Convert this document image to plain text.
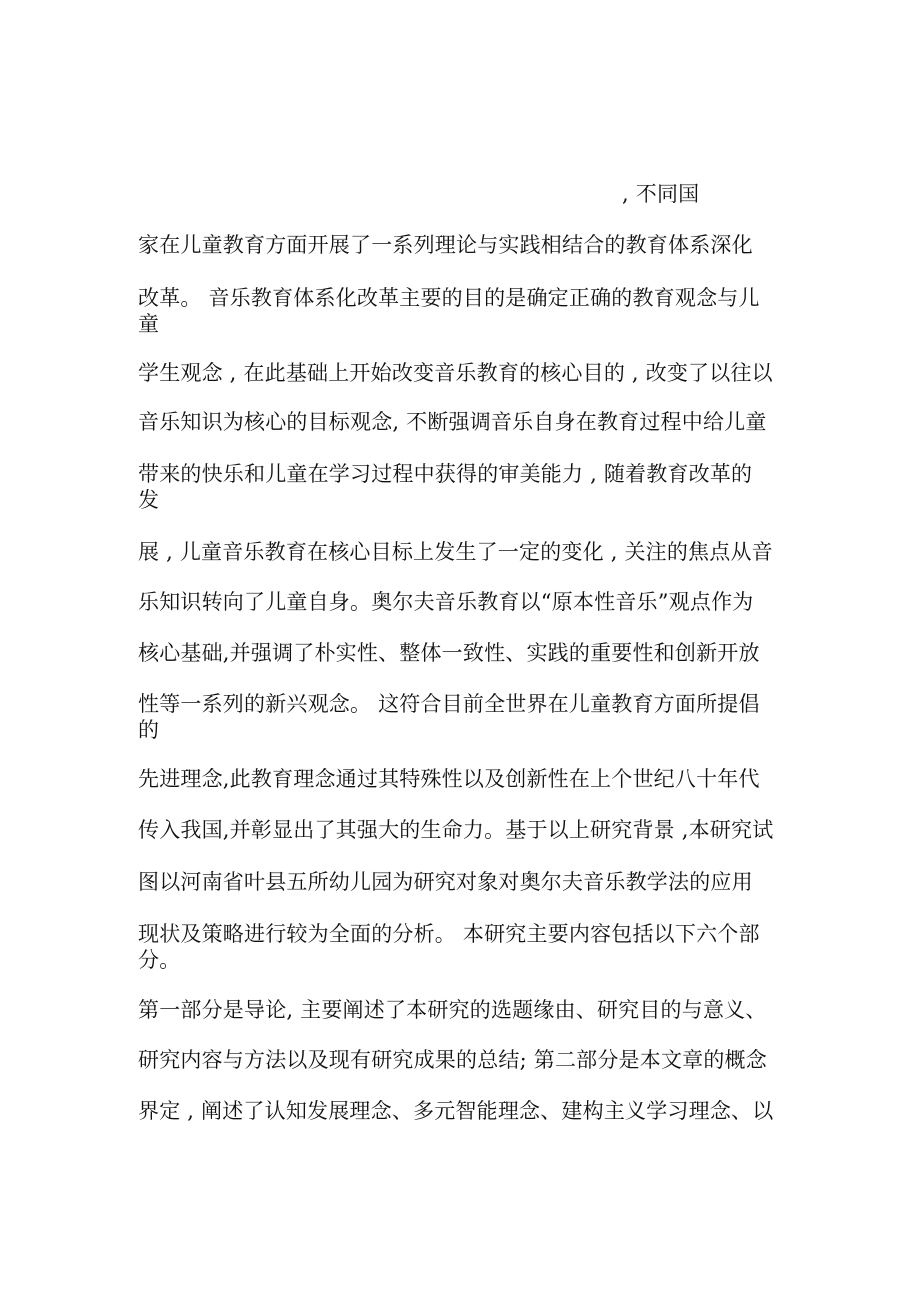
, 不同国
家在儿童教育方面开展了一系列理论与实践相结合的教育体系深化
改革。 音乐教育体系化改革主要的目的是确定正确的教育观念与儿
童
学生观念 , 在此基础上开始改变音乐教育的核心目的 , 改变了以往以
音乐知识为核心的目标观念, 不断强调音乐自身在教育过程中给儿童
带来的快乐和儿童在学习过程中获得的审美能力 , 随着教育改革的
发
展 , 儿童音乐教育在核心目标上发生了一定的变化 , 关注的焦点从音
乐知识转向了儿童自身。奥尔夫音乐教育以“原本性音乐”观点作为
核心基础,并强调了朴实性、整体一致性、实践的重要性和创新开放
性等一系列的新兴观念。 这符合目前全世界在儿童教育方面所提倡
的
先进理念,此教育理念通过其特殊性以及创新性在上个世纪八十年代
传入我国,并彰显出了其强大的生命力。基于以上研究背景 ,本研究试
图以河南省叶县五所幼儿园为研究对象对奥尔夫音乐教学法的应用
现状及策略进行较为全面的分析。 本研究主要内容包括以下六个部
分。
第一部分是导论, 主要阐述了本研究的选题缘由、研究目的与意义、
研究内容与方法以及现有研究成果的总结; 第二部分是本文章的概念
界定 , 阐述了认知发展理念、多元智能理念、建构主义学习理念、以
